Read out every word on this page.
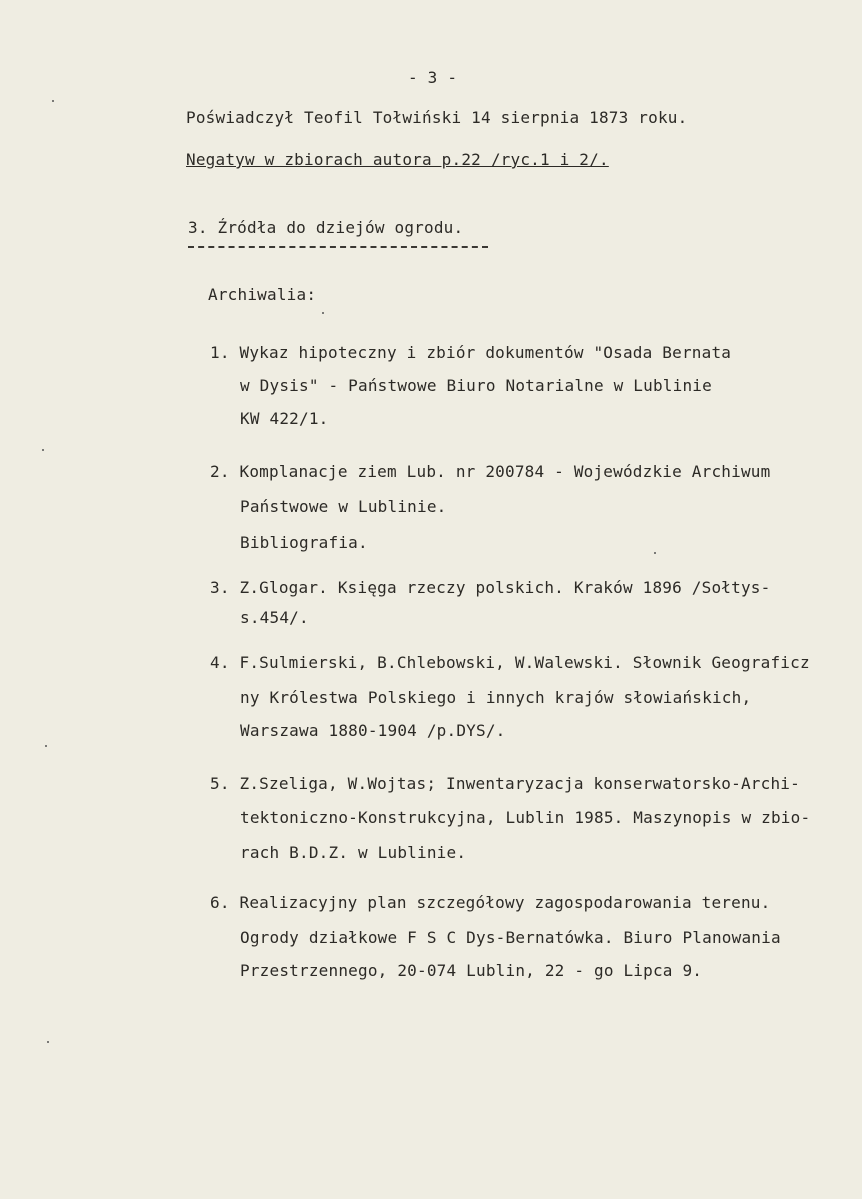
- 3 -
Poświadczył Teofil Tołwiński 14 sierpnia 1873 roku.
Negatyw w zbiorach autora p.22 /ryc.1 i 2/.
3. Źródła do dziejów ogrodu.
Archiwalia:
1. Wykaz hipoteczny i zbiór dokumentów "Osada Bernata
w Dysis" - Państwowe Biuro Notarialne w Lublinie
KW 422/1.
2. Komplanacje ziem Lub. nr 200784 - Wojewódzkie Archiwum
Państwowe w Lublinie.
Bibliografia.
3. Z.Glogar. Księga rzeczy polskich. Kraków 1896 /Sołtys-
s.454/.
4. F.Sulmierski, B.Chlebowski, W.Walewski. Słownik Geograficz
ny Królestwa Polskiego i innych krajów słowiańskich,
Warszawa 1880-1904 /p.DYS/.
5. Z.Szeliga, W.Wojtas; Inwentaryzacja konserwatorsko-Archi-
tektoniczno-Konstrukcyjna, Lublin 1985. Maszynopis w zbio-
rach B.D.Z. w Lublinie.
6. Realizacyjny plan szczegółowy zagospodarowania terenu.
Ogrody działkowe F S C Dys-Bernatówka. Biuro Planowania
Przestrzennego, 20-074 Lublin, 22 - go Lipca 9.
